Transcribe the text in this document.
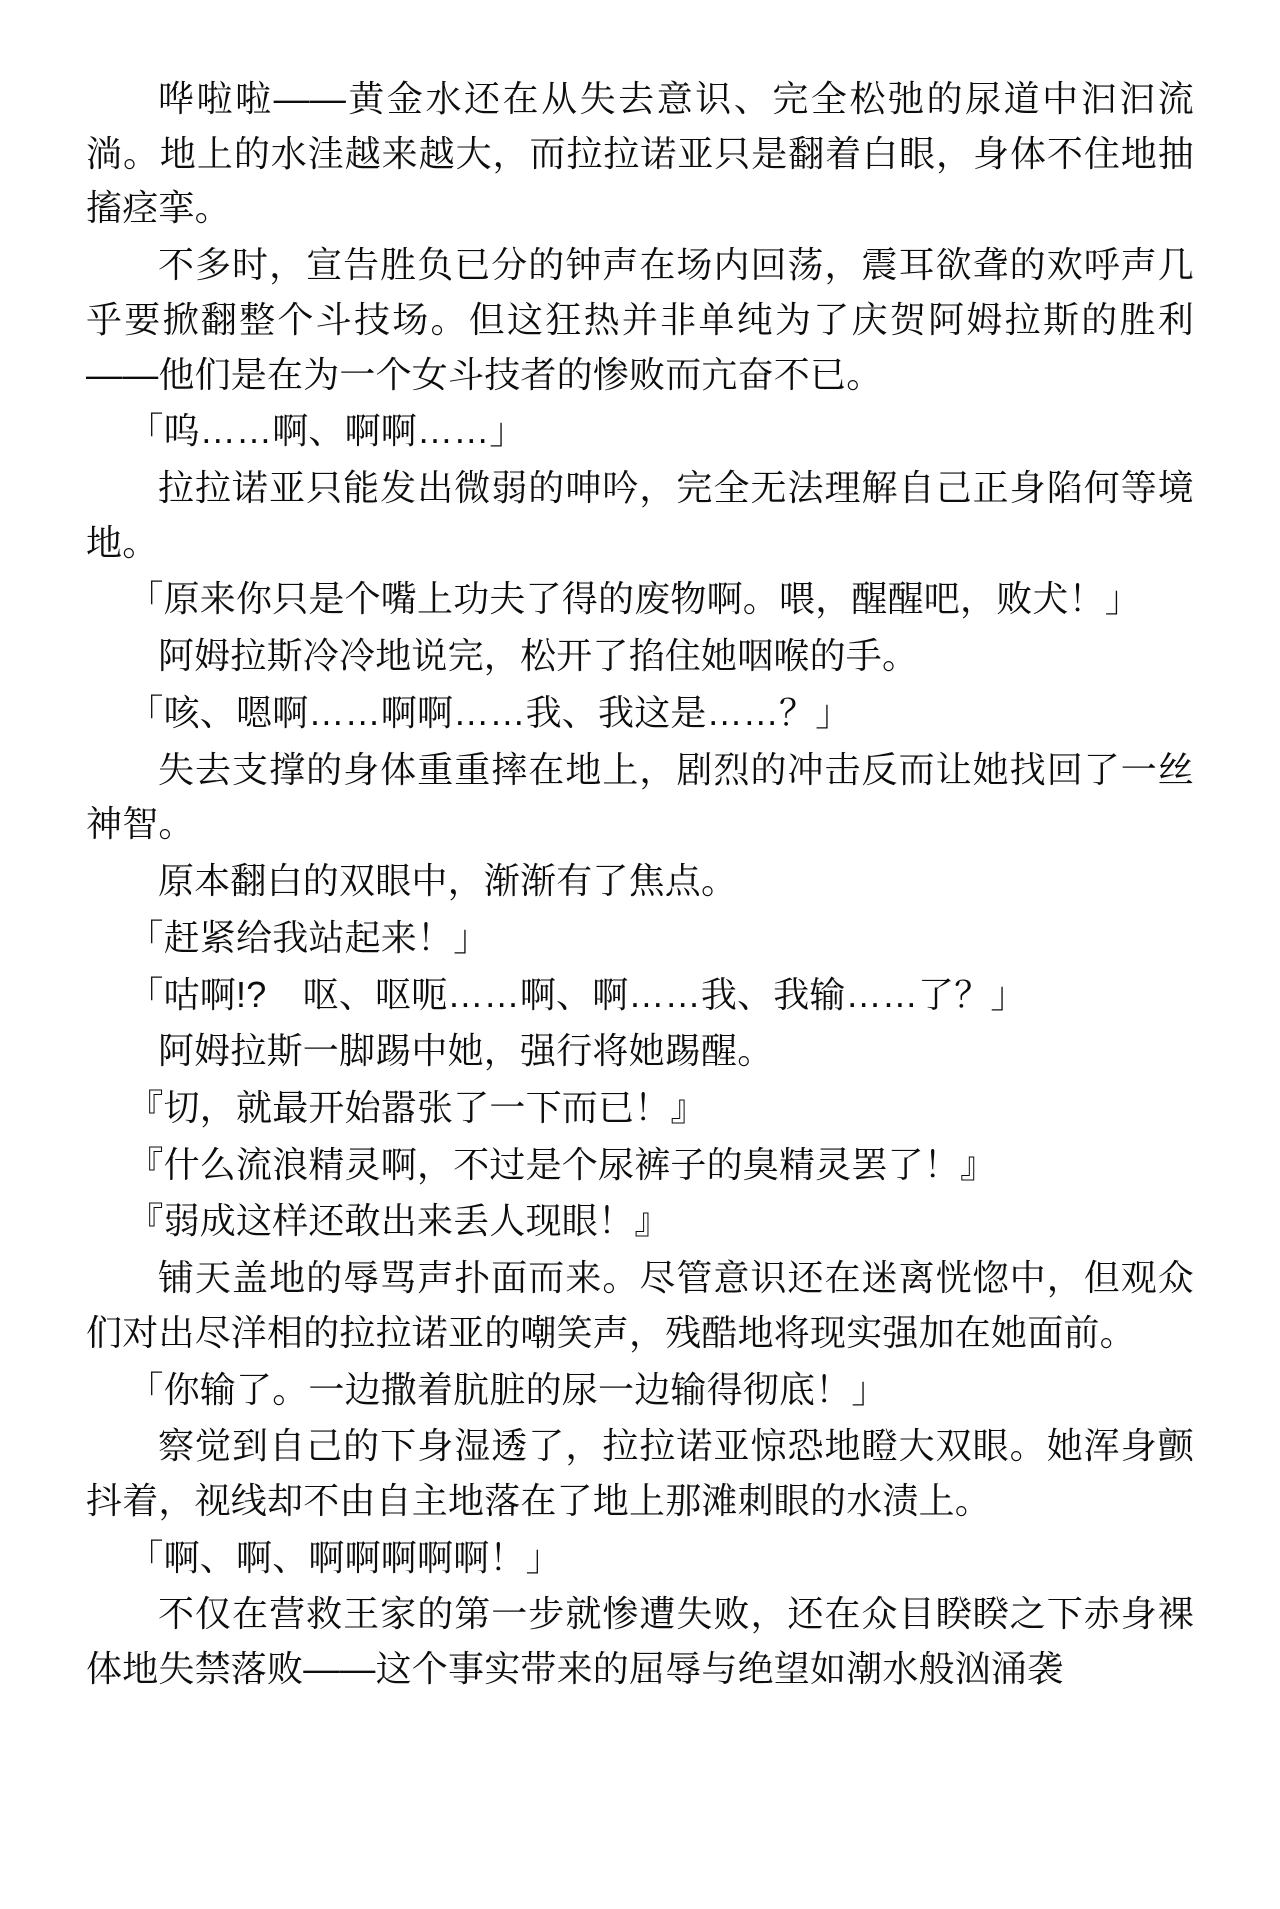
哗啦啦——黄金水还在从失去意识、完全松弛的尿道中汩汩流淌。地上的水洼越来越大，而拉拉诺亚只是翻着白眼，身体不住地抽搐痉挛。

不多时，宣告胜负已分的钟声在场内回荡，震耳欲聋的欢呼声几乎要掀翻整个斗技场。但这狂热并非单纯为了庆贺阿姆拉斯的胜利——他们是在为一个女斗技者的惨败而亢奋不已。

「呜……啊、啊啊……」

拉拉诺亚只能发出微弱的呻吟，完全无法理解自己正身陷何等境地。

「原来你只是个嘴上功夫了得的废物啊。喂，醒醒吧，败犬！」

阿姆拉斯冷冷地说完，松开了掐住她咽喉的手。

「咳、嗯啊……啊啊……我、我这是……？」

失去支撑的身体重重摔在地上，剧烈的冲击反而让她找回了一丝神智。

原本翻白的双眼中，渐渐有了焦点。

「赶紧给我站起来！」

「咕啊!?　呕、呕呃……啊、啊……我、我输……了？」

阿姆拉斯一脚踢中她，强行将她踢醒。

『切，就最开始嚣张了一下而已！』

『什么流浪精灵啊，不过是个尿裤子的臭精灵罢了！』

『弱成这样还敢出来丢人现眼！』

铺天盖地的辱骂声扑面而来。尽管意识还在迷离恍惚中，但观众们对出尽洋相的拉拉诺亚的嘲笑声，残酷地将现实强加在她面前。

「你输了。一边撒着肮脏的尿一边输得彻底！」

察觉到自己的下身湿透了，拉拉诺亚惊恐地瞪大双眼。她浑身颤抖着，视线却不由自主地落在了地上那滩刺眼的水渍上。

「啊、啊、啊啊啊啊啊！」

不仅在营救王家的第一步就惨遭失败，还在众目睽睽之下赤身裸体地失禁落败——这个事实带来的屈辱与绝望如潮水般汹涌袭
